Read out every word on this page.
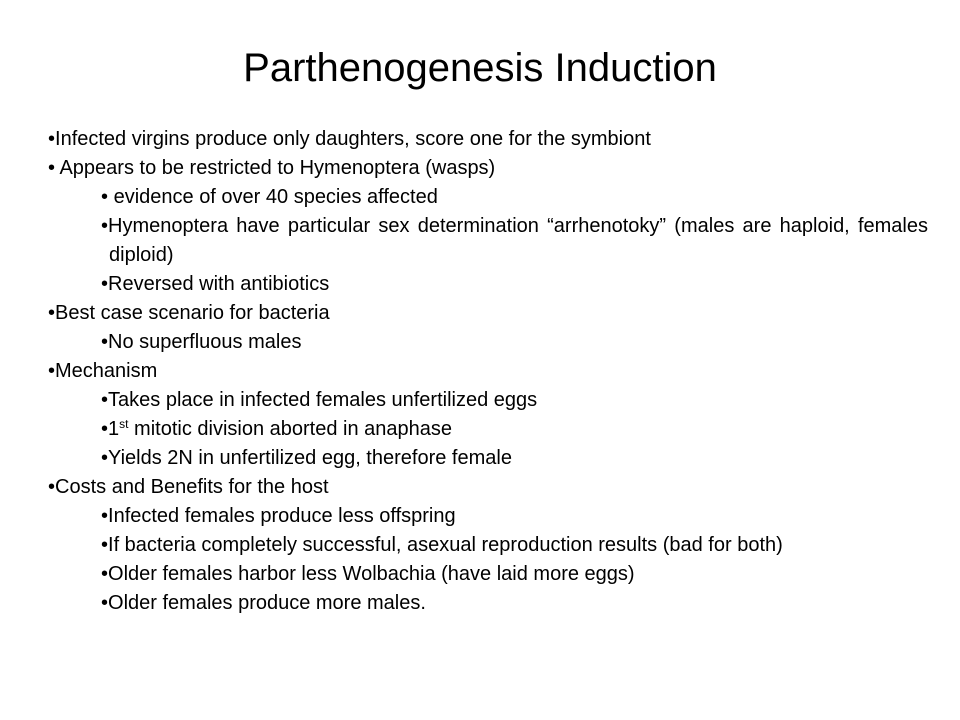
Parthenogenesis Induction
•Infected virgins produce only daughters, score one for the symbiont
• Appears to be restricted to Hymenoptera (wasps)
• evidence of over 40 species affected
•Hymenoptera have particular sex determination “arrhenotoky” (males are haploid, females diploid)
•Reversed with antibiotics
•Best case scenario for bacteria
•No superfluous males
•Mechanism
•Takes place in infected females unfertilized eggs
•1st mitotic division aborted in anaphase
•Yields 2N in unfertilized egg, therefore female
•Costs and Benefits for the host
•Infected females produce less offspring
•If bacteria completely successful, asexual reproduction results (bad for both)
•Older females harbor less Wolbachia (have laid more eggs)
•Older females produce more males.
